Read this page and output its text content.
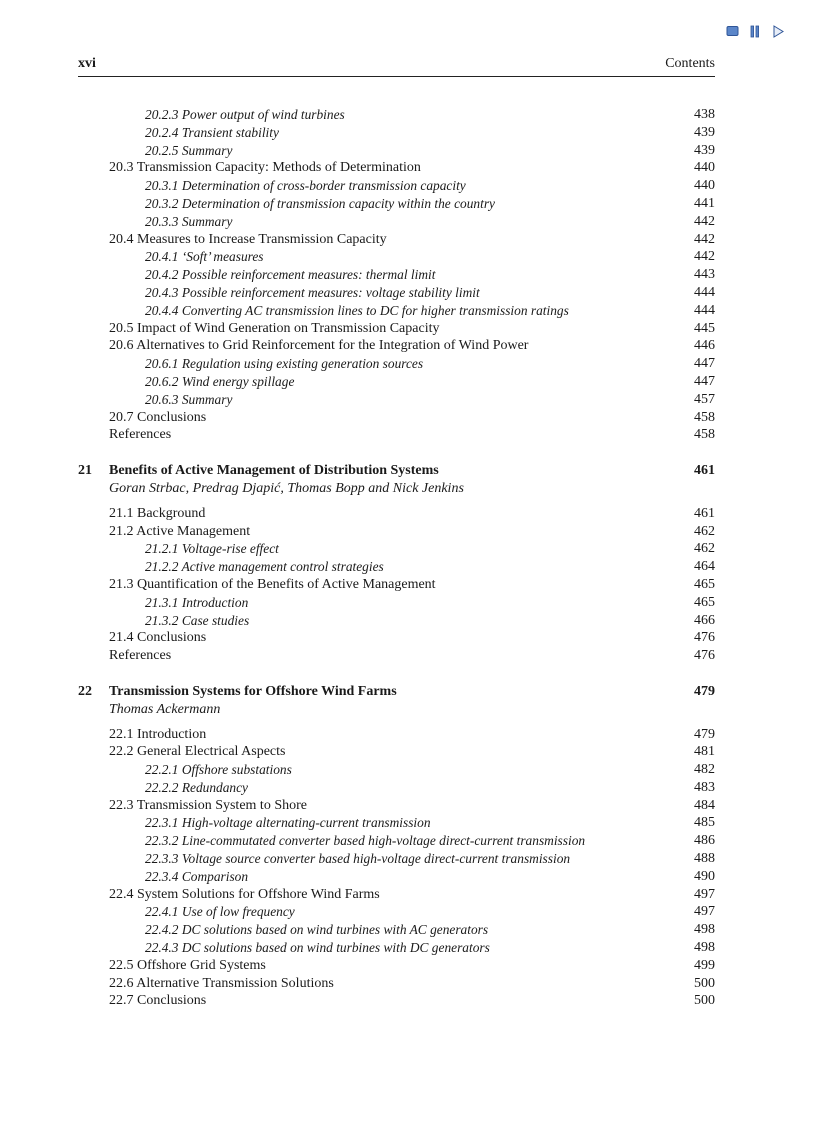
xvi	Contents
20.2.3 Power output of wind turbines	438
20.2.4 Transient stability	439
20.2.5 Summary	439
20.3 Transmission Capacity: Methods of Determination	440
20.3.1 Determination of cross-border transmission capacity	440
20.3.2 Determination of transmission capacity within the country	441
20.3.3 Summary	442
20.4 Measures to Increase Transmission Capacity	442
20.4.1 ‘Soft’ measures	442
20.4.2 Possible reinforcement measures: thermal limit	443
20.4.3 Possible reinforcement measures: voltage stability limit	444
20.4.4 Converting AC transmission lines to DC for higher transmission ratings	444
20.5 Impact of Wind Generation on Transmission Capacity	445
20.6 Alternatives to Grid Reinforcement for the Integration of Wind Power	446
20.6.1 Regulation using existing generation sources	447
20.6.2 Wind energy spillage	447
20.6.3 Summary	457
20.7 Conclusions	458
References	458
21 Benefits of Active Management of Distribution Systems	461
Goran Strbac, Predrag Djapić, Thomas Bopp and Nick Jenkins
21.1 Background	461
21.2 Active Management	462
21.2.1 Voltage-rise effect	462
21.2.2 Active management control strategies	464
21.3 Quantification of the Benefits of Active Management	465
21.3.1 Introduction	465
21.3.2 Case studies	466
21.4 Conclusions	476
References	476
22 Transmission Systems for Offshore Wind Farms	479
Thomas Ackermann
22.1 Introduction	479
22.2 General Electrical Aspects	481
22.2.1 Offshore substations	482
22.2.2 Redundancy	483
22.3 Transmission System to Shore	484
22.3.1 High-voltage alternating-current transmission	485
22.3.2 Line-commutated converter based high-voltage direct-current transmission	486
22.3.3 Voltage source converter based high-voltage direct-current transmission	488
22.3.4 Comparison	490
22.4 System Solutions for Offshore Wind Farms	497
22.4.1 Use of low frequency	497
22.4.2 DC solutions based on wind turbines with AC generators	498
22.4.3 DC solutions based on wind turbines with DC generators	498
22.5 Offshore Grid Systems	499
22.6 Alternative Transmission Solutions	500
22.7 Conclusions	500
